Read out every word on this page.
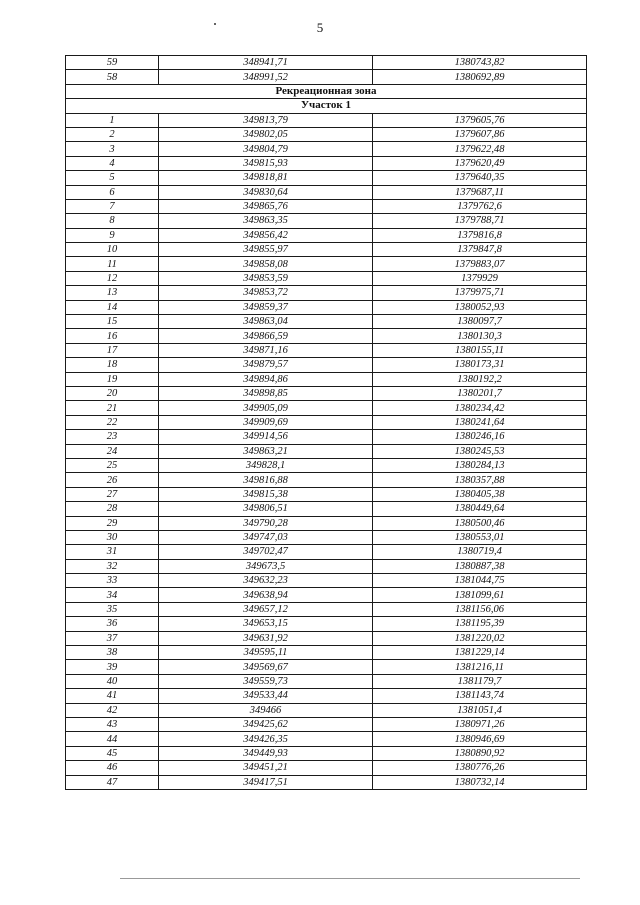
5
59	348941,71	1380743,82
58	348991,52	1380692,89
Рекреационная зона		
Участок 1		
1	349813,79	1379605,76
2	349802,05	1379607,86
3	349804,79	1379622,48
4	349815,93	1379620,49
5	349818,81	1379640,35
6	349830,64	1379687,11
7	349865,76	1379762,6
8	349863,35	1379788,71
9	349856,42	1379816,8
10	349855,97	1379847,8
11	349858,08	1379883,07
12	349853,59	1379929
13	349853,72	1379975,71
14	349859,37	1380052,93
15	349863,04	1380097,7
16	349866,59	1380130,3
17	349871,16	1380155,11
18	349879,57	1380173,31
19	349894,86	1380192,2
20	349898,85	1380201,7
21	349905,09	1380234,42
22	349909,69	1380241,64
23	349914,56	1380246,16
24	349863,21	1380245,53
25	349828,1	1380284,13
26	349816,88	1380357,88
27	349815,38	1380405,38
28	349806,51	1380449,64
29	349790,28	1380500,46
30	349747,03	1380553,01
31	349702,47	1380719,4
32	349673,5	1380887,38
33	349632,23	1381044,75
34	349638,94	1381099,61
35	349657,12	1381156,06
36	349653,15	1381195,39
37	349631,92	1381220,02
38	349595,11	1381229,14
39	349569,67	1381216,11
40	349559,73	1381179,7
41	349533,44	1381143,74
42	349466	1381051,4
43	349425,62	1380971,26
44	349426,35	1380946,69
45	349449,93	1380890,92
46	349451,21	1380776,26
47	349417,51	1380732,14
